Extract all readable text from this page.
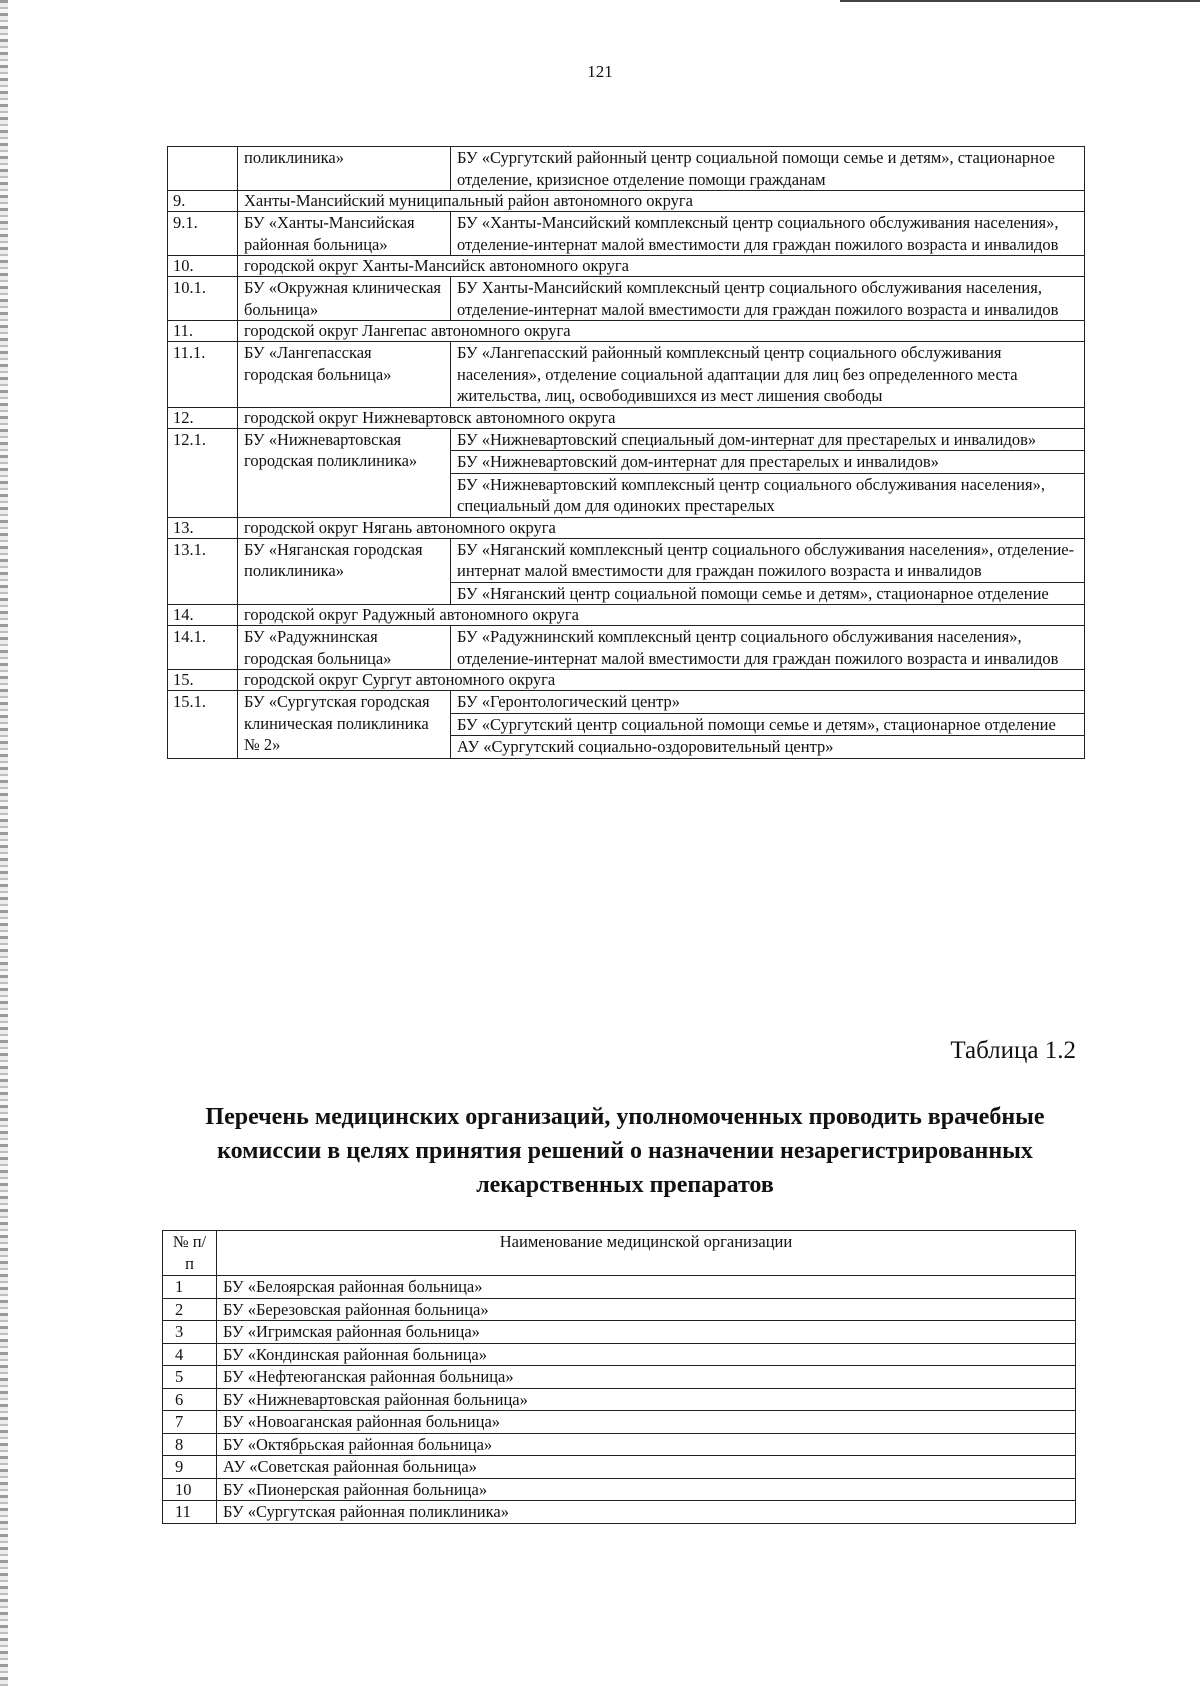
121
	поликлиника»	БУ «Сургутский районный центр социальной помощи семье и детям», стационарное отделение, кризисное отделение помощи гражданам
9.	Ханты-Мансийский муниципальный район автономного округа	
9.1.	БУ «Ханты-Мансийская районная больница»	БУ «Ханты-Мансийский комплексный центр социального обслуживания населения», отделение-интернат малой вместимости для граждан пожилого возраста и инвалидов
10.	городской округ Ханты-Мансийск автономного округа	
10.1.	БУ «Окружная клиническая больница»	БУ Ханты-Мансийский комплексный центр социального обслуживания населения, отделение-интернат малой вместимости для граждан пожилого возраста и инвалидов
11.	городской округ Лангепас автономного округа	
11.1.	БУ «Лангепасская городская больница»	БУ «Лангепасский районный комплексный центр социального обслуживания населения», отделение социальной адаптации для лиц без определенного места жительства, лиц, освободившихся из мест лишения свободы
12.	городской округ Нижневартовск автономного округа	
12.1.	БУ «Нижневартовская городская поликлиника»	БУ «Нижневартовский специальный дом-интернат для престарелых и инвалидов»
		БУ «Нижневартовский дом-интернат для престарелых и инвалидов»
		БУ «Нижневартовский комплексный центр социального обслуживания населения», специальный дом для одиноких престарелых
13.	городской округ Нягань автономного округа	
13.1.	БУ «Няганская городская поликлиника»	БУ «Няганский комплексный центр социального обслуживания населения», отделение-интернат малой вместимости для граждан пожилого возраста и инвалидов
		БУ «Няганский центр социальной помощи семье и детям», стационарное отделение
14.	городской округ Радужный автономного округа	
14.1.	БУ «Радужнинская городская больница»	БУ «Радужнинский комплексный центр социального обслуживания населения», отделение-интернат малой вместимости для граждан пожилого возраста и инвалидов
15.	городской округ Сургут автономного округа	
15.1.	БУ «Сургутская городская клиническая поликлиника № 2»	БУ «Геронтологический центр»
		БУ «Сургутский центр социальной помощи семье и детям», стационарное отделение
		АУ «Сургутский социально-оздоровительный центр»
Таблица 1.2
Перечень медицинских организаций, уполномоченных проводить врачебные комиссии в целях принятия решений о назначении незарегистрированных лекарственных препаратов
№ п/п	Наименование медицинской организации
1	БУ «Белоярская районная больница»
2	БУ «Березовская районная больница»
3	БУ «Игримская районная больница»
4	БУ «Кондинская районная больница»
5	БУ «Нефтеюганская районная больница»
6	БУ «Нижневартовская районная больница»
7	БУ «Новоаганская районная больница»
8	БУ «Октябрьская районная больница»
9	АУ «Советская районная больница»
10	БУ «Пионерская районная больница»
11	БУ «Сургутская районная поликлиника»
